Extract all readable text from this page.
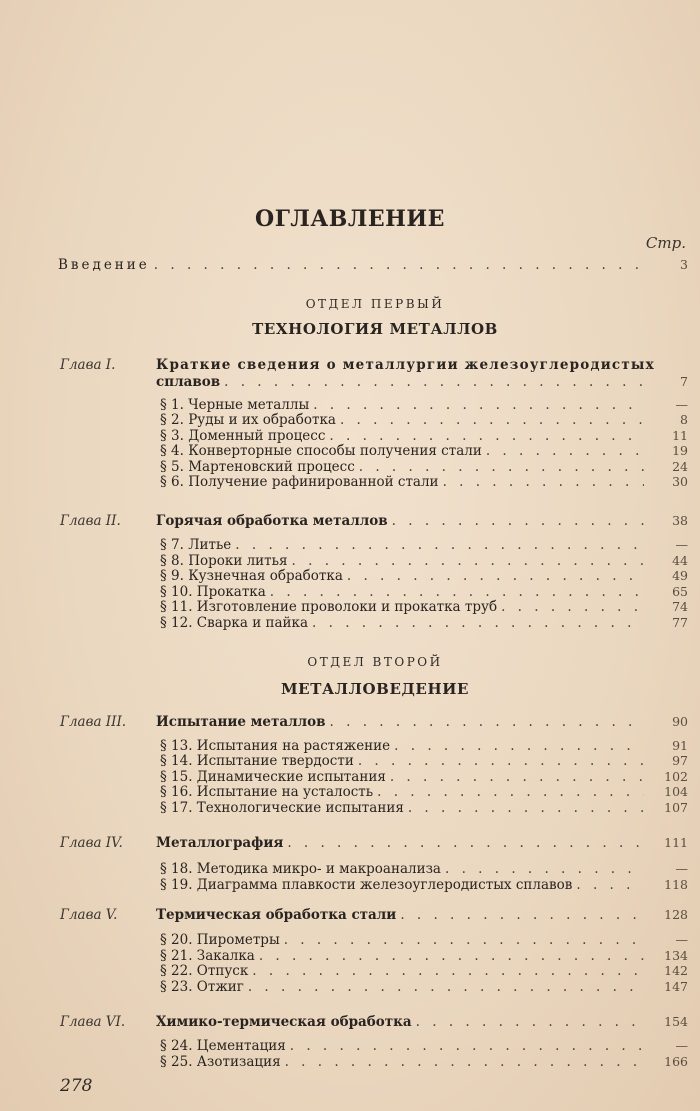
ОГЛАВЛЕНИЕ
Стр.
Введение . . .	3
ОТДЕЛ ПЕРВЫЙ
ТЕХНОЛОГИЯ МЕТАЛЛОВ
Глава I.	Краткие сведения о металлургии железоуглеродистых
сплавов . . .	7
§ 1. Черные металлы . . .	—
§ 2. Руды и их обработка . . .	8
§ 3. Доменный процесс . . .	11
§ 4. Конверторные способы получения стали . . .	19
§ 5. Мартеновский процесс . . .	24
§ 6. Получение рафинированной стали . . .	30
Глава II.	Горячая обработка металлов . . .	38
§ 7. Литье . . .	—
§ 8. Пороки литья . . .	44
§ 9. Кузнечная обработка . . .	49
§ 10. Прокатка . . .	65
§ 11. Изготовление проволоки и прокатка труб . . .	74
§ 12. Сварка и пайка . . .	77
ОТДЕЛ ВТОРОЙ
МЕТАЛЛОВЕДЕНИЕ
Глава III. Испытание металлов . . .	90
§ 13. Испытания на растяжение . . .	91
§ 14. Испытание твердости . . .	97
§ 15. Динамические испытания . . .	102
§ 16. Испытание на усталость . . .	104
§ 17. Технологические испытания . . .	107
Глава IV. Металлография . . .	111
§ 18. Методика микро- и макроанализа . . .	—
§ 19. Диаграмма плавкости железоуглеродистых сплавов . . .	118
Глава V.	Термическая обработка стали . . .	128
§ 20. Пирометры . . .	—
§ 21. Закалка . . .	134
§ 22. Отпуск . . .	142
§ 23. Отжиг . . .	147
Глава VI. Химико-термическая обработка . . .	154
§ 24. Цементация . . .	—
§ 25. Азотизация . . .	166
278
